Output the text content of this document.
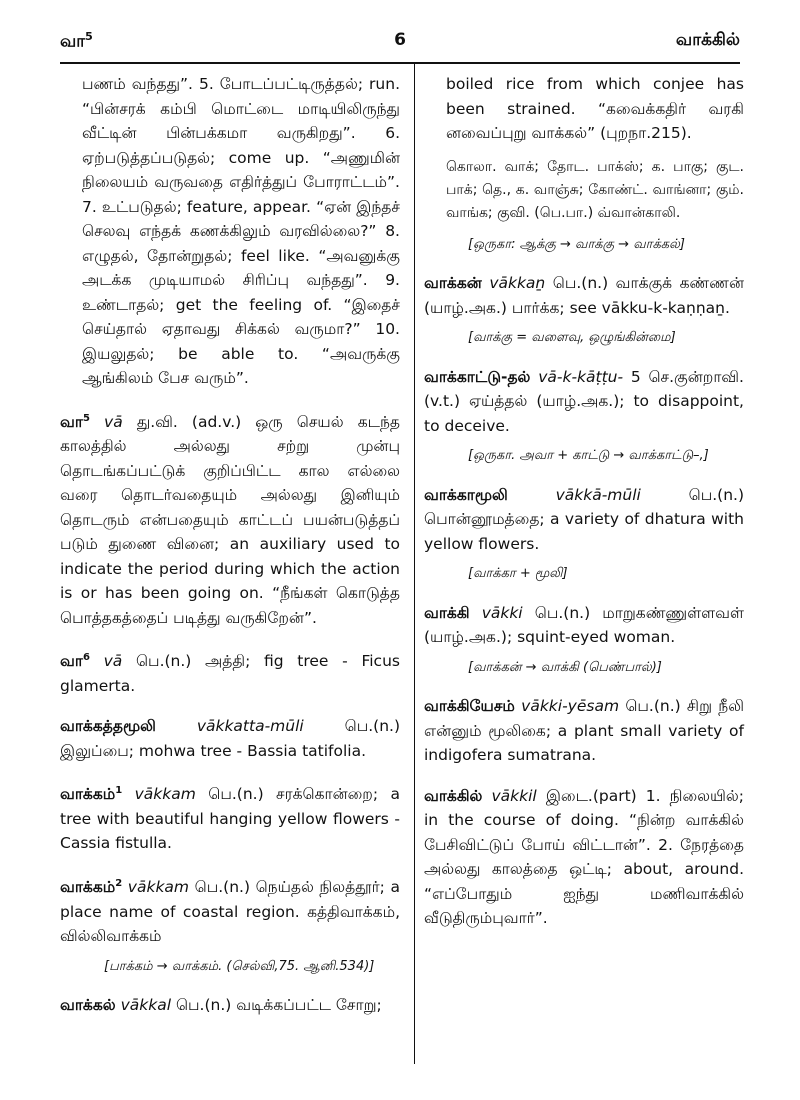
வா$^5$	6	வாக்கில்
பணம் வந்தது”. 5. போடப்பட்டிருத்தல்; run. “பின்சரக் கம்பி மொட்டை மாடியிலிருந்து வீட்டின் பின்பக்கமா வருகிறது”. 6. ஏற்படுத்தப்படுதல்; come up. “அணுமின் நிலையம் வருவதை எதிர்த்துப் போராட்டம்”. 7. உட்படுதல்; feature, appear. “ஏன் இந்தச் செலவு எந்தக் கணக்கிலும் வரவில்லை?” 8. எழுதல், தோன்றுதல்; feel like. “அவனுக்கு அடக்க முடியாமல் சிரிப்பு வந்தது”. 9. உண்டாதல்; get the feeling of. “இதைச் செய்தால் ஏதாவது சிக்கல் வருமா?” 10. இயலுதல்; be able to. “அவருக்கு ஆங்கிலம் பேச வரும்”.
வா$^5$ vā து.வி. (ad.v.) ஒரு செயல் கடந்த காலத்தில் அல்லது சற்று முன்பு தொடங்கப்பட்டுக் குறிப்பிட்ட கால எல்லை வரை தொடர்வதையும் அல்லது இனியும் தொடரும் என்பதையும் காட்டப் பயன்படுத்தப் படும் துணை வினை; an auxiliary used to indicate the period during which the action is or has been going on. “நீங்கள் கொடுத்த பொத்தகத்தைப் படித்து வருகிறேன்”.
வா$^6$ vā பெ.(n.) அத்தி; fig tree - Ficus glamerta.
வாக்கத்தமூலி	vākkatta-mūli	பெ.(n.) இலுப்பை; mohwa tree - Bassia tatifolia.
வாக்கம்$^1$ vākkam பெ.(n.) சரக்கொன்றை; a tree with beautiful hanging yellow flowers - Cassia fistulla.
வாக்கம்$^2$ vākkam பெ.(n.) நெய்தல் நிலத்தூர்; a place name of coastal region. கத்திவாக்கம், வில்லிவாக்கம்
[பாக்கம் → வாக்கம். (செல்வி,75. ஆனி.534)]
வாக்கல் vākkal பெ.(n.) வடிக்கப்பட்ட சோறு;
boiled rice from which conjee has been strained. “கவைக்கதிர் வரகி னவைப்புறு வாக்கல்” (புறநா.215).
கொலா. வாக்; தோட. பாக்ஸ்; க. பாகு; குட. பாக்; தெ., க. வாஞ்சு; கோண்ட். வாங்னா; கும். வாங்க; குவி. (பெ.பா.) வ்வான்காலி.
[ஒருகா: ஆக்கு → வாக்கு → வாக்கல்]
வாக்கன் vākkaṉ பெ.(n.) வாக்குக் கண்ணன் (யாழ்.அக.) பார்க்க; see vākku-k-kaṇṇaṉ.
[வாக்கு = வளைவு, ஒழுங்கின்மை]
வாக்காட்டு-தல் vā-k-kāṭṭu- 5 செ.குன்றாவி. (v.t.) ஏய்த்தல் (யாழ்.அக.); to disappoint, to deceive.
[ஒருகா. அவா + காட்டு → வாக்காட்டு–,]
வாக்காமூலி	vākkā-mūli	பெ.(n.) பொன்னூமத்தை; a variety of dhatura with yellow flowers.
[வாக்கா + மூலி]
வாக்கி vākki பெ.(n.) மாறுகண்ணுள்ளவள் (யாழ்.அக.); squint-eyed woman.
[வாக்கன் → வாக்கி (பெண்பால்)]
வாக்கியேசம் vākki-yēsam பெ.(n.) சிறு நீலி என்னும் மூலிகை; a plant small variety of indigofera sumatrana.
வாக்கில் vākkil இடை.(part) 1. நிலையில்; in the course of doing. “நின்ற வாக்கில் பேசிவிட்டுப் போய் விட்டான்”. 2. நேரத்தை அல்லது காலத்தை ஒட்டி; about, around. “எப்போதும் ஐந்து மணிவாக்கில் வீடுதிரும்புவார்”.
